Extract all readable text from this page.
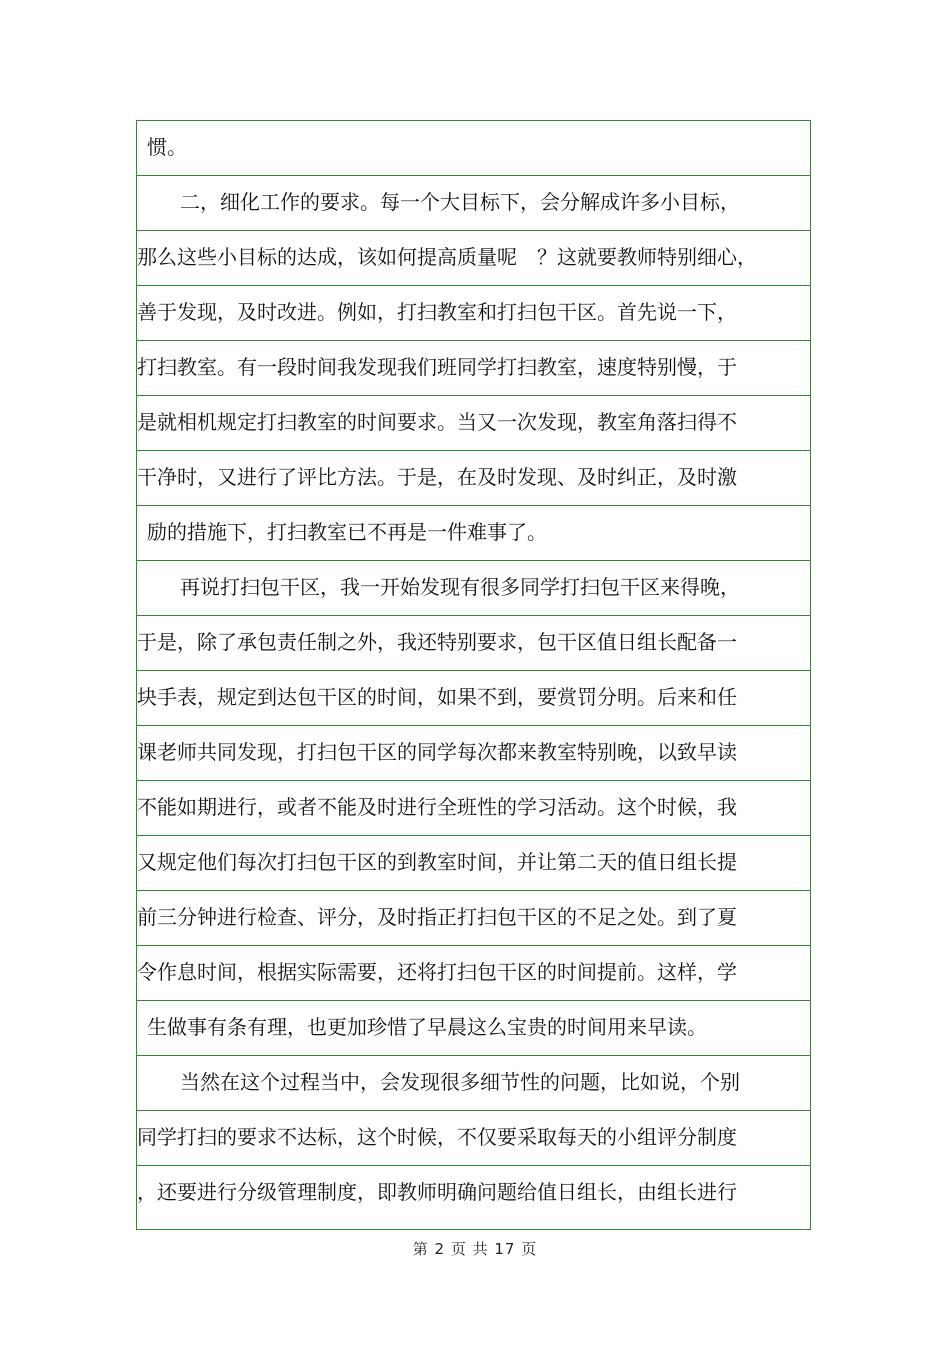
惯。
二，细化工作的要求。每一个大目标下，会分解成许多小目标，
那么这些小目标的达成，该如何提高质量呢　？这就要教师特别细心，
善于发现，及时改进。例如，打扫教室和打扫包干区。首先说一下，
打扫教室。有一段时间我发现我们班同学打扫教室，速度特别慢，于
是就相机规定打扫教室的时间要求。当又一次发现，教室角落扫得不
干净时，又进行了评比方法。于是，在及时发现、及时纠正，及时激
励的措施下，打扫教室已不再是一件难事了。
再说打扫包干区，我一开始发现有很多同学打扫包干区来得晚，
于是，除了承包责任制之外，我还特别要求，包干区值日组长配备一
块手表，规定到达包干区的时间，如果不到，要赏罚分明。后来和任
课老师共同发现，打扫包干区的同学每次都来教室特别晚，以致早读
不能如期进行，或者不能及时进行全班性的学习活动。这个时候，我
又规定他们每次打扫包干区的到教室时间，并让第二天的值日组长提
前三分钟进行检查、评分，及时指正打扫包干区的不足之处。到了夏
令作息时间，根据实际需要，还将打扫包干区的时间提前。这样，学
生做事有条有理，也更加珍惜了早晨这么宝贵的时间用来早读。
当然在这个过程当中，会发现很多细节性的问题，比如说，个别
同学打扫的要求不达标，这个时候，不仅要采取每天的小组评分制度
，还要进行分级管理制度，即教师明确问题给值日组长，由组长进行
第 2 页 共 17 页
